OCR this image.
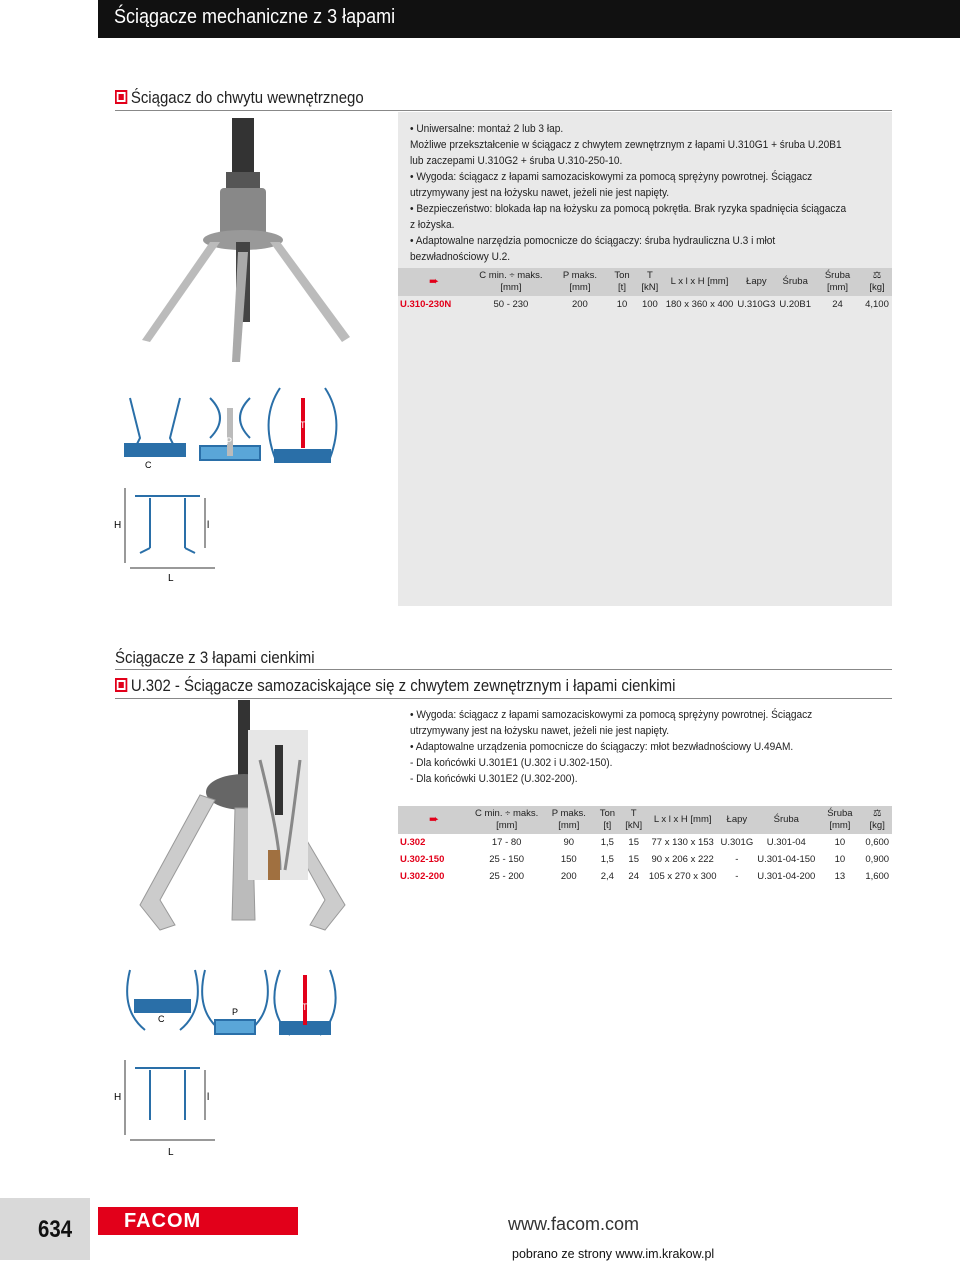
Ściągacze mechaniczne z 3 łapami
Ściągacz do chwytu wewnętrznego
• Uniwersalne: montaż 2 lub 3 łap.
Możliwe przekształcenie w ściągacz z chwytem zewnętrznym z łapami U.310G1 + śruba U.20B1
lub zaczepami U.310G2 + śruba U.310-250-10.
• Wygoda: ściągacz z łapami samozaciskowymi za pomocą sprężyny powrotnej. Ściągacz
utrzymywany jest na łożysku nawet, jeżeli nie jest napięty.
• Bezpieczeństwo: blokada łap na łożysku za pomocą pokrętła. Brak ryzyka spadnięcia ściągacza
z łożyska.
• Adaptowalne narzędzia pomocnicze do ściągaczy: śruba hydrauliczna U.3 i młot
bezwładnościowy U.2.
➨	C min. ÷ maks. [mm]	P maks. [mm]	Ton [t]	T [kN]	L x l x H [mm]	Łapy	Śruba	Śruba [mm]	⚖ [kg]
U.310-230N	50 - 230	200	10	100	180 x 360 x 400	U.310G3	U.20B1	24	4,100
C
P
T
H	l
L
Ściągacze z 3 łapami cienkimi
U.302 - Ściągacze samozaciskające się z chwytem zewnętrznym i łapami cienkimi
• Wygoda: ściągacz z łapami samozaciskowymi za pomocą sprężyny powrotnej. Ściągacz
utrzymywany jest na łożysku nawet, jeżeli nie jest napięty.
• Adaptowalne urządzenia pomocnicze do ściągaczy: młot bezwładnościowy U.49AM.
- Dla końcówki U.301E1 (U.302 i U.302-150).
- Dla końcówki U.301E2 (U.302-200).
➨	C min. ÷ maks. [mm]	P maks. [mm]	Ton [t]	T [kN]	L x l x H [mm]	Łapy	Śruba	Śruba [mm]	⚖ [kg]
U.302	17 - 80	90	1,5	15	77 x 130 x 153	U.301G	U.301-04	10	0,600
U.302-150	25 - 150	150	1,5	15	90 x 206 x 222	-	U.301-04-150	10	0,900
U.302-200	25 - 200	200	2,4	24	105 x 270 x 300	-	U.301-04-200	13	1,600
C
P	T
H	l
L
634	FACOM	www.facom.com
pobrano ze strony www.im.krakow.pl
